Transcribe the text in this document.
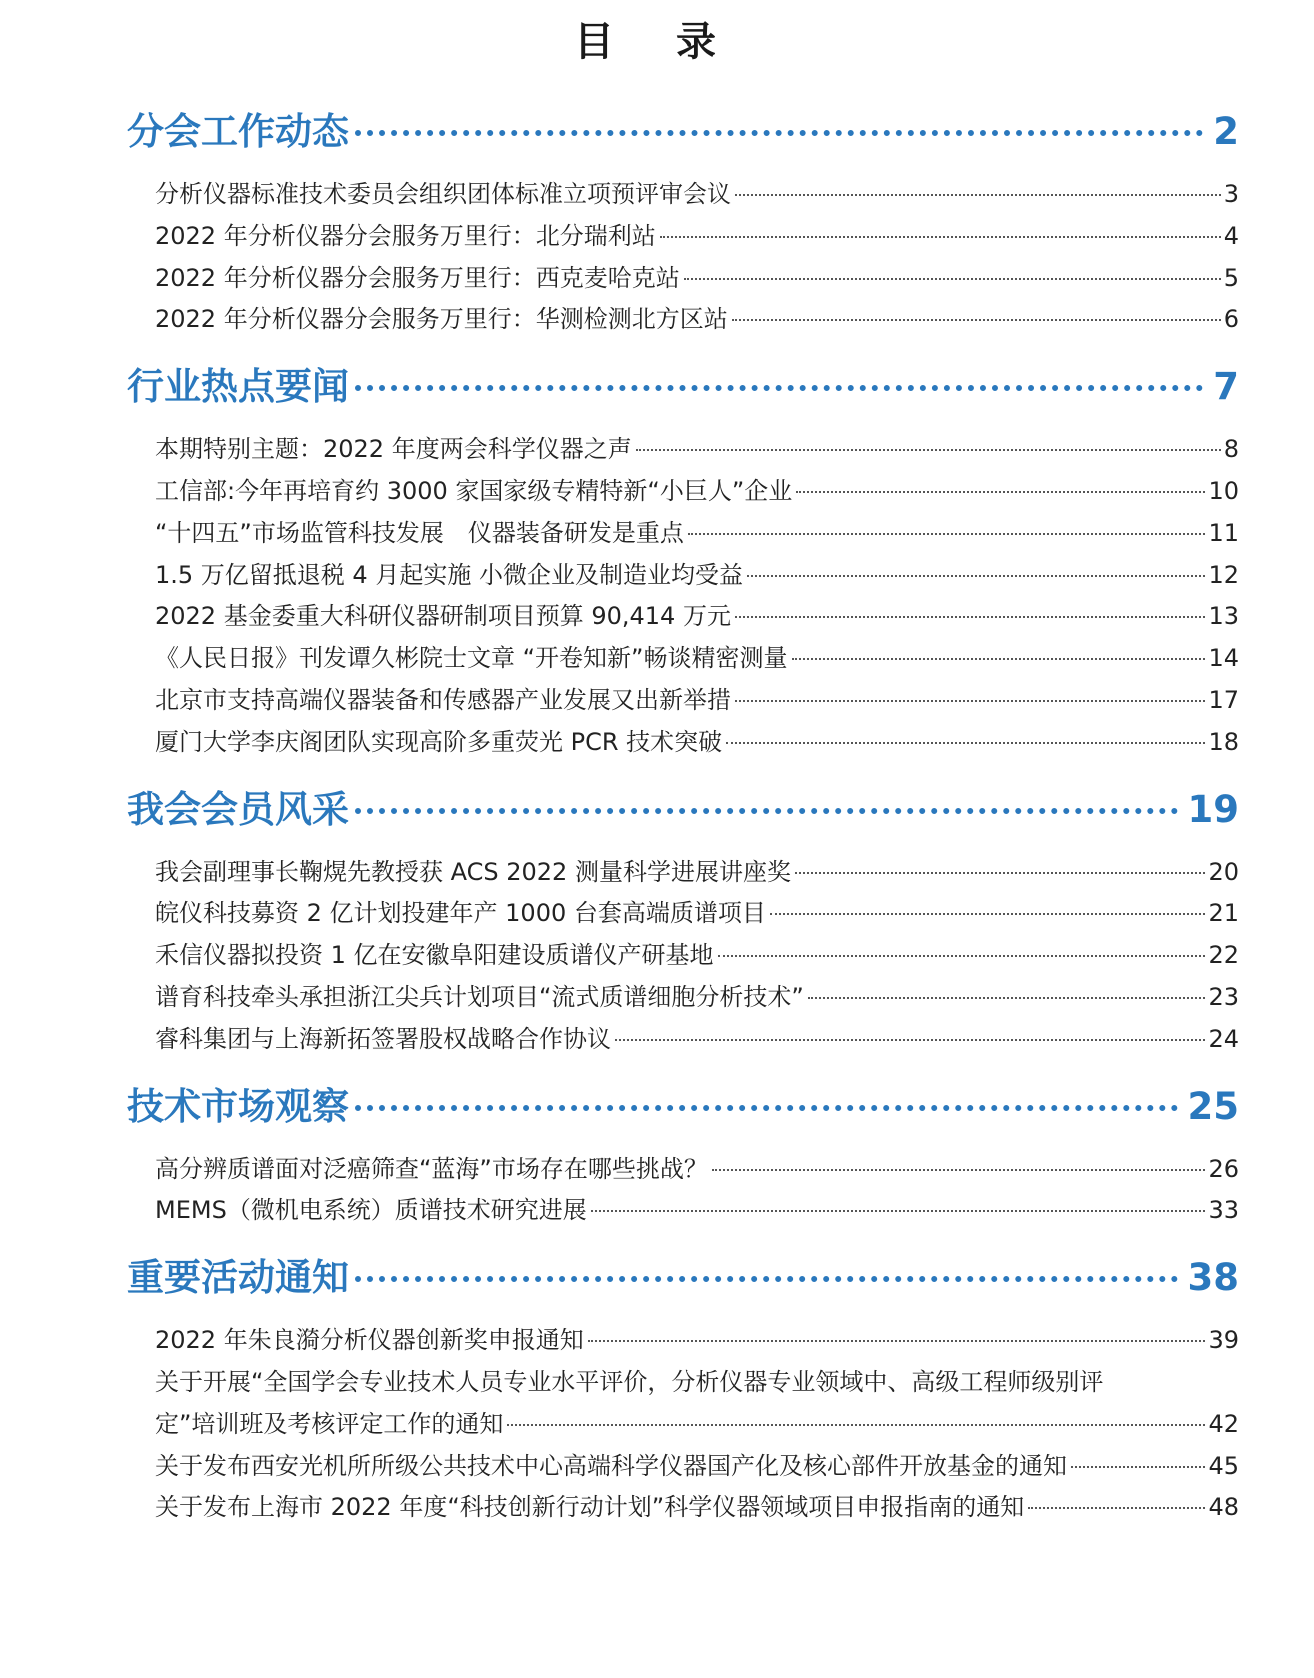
目 录
分会工作动态	2
分析仪器标准技术委员会组织团体标准立项预评审会议	3
2022 年分析仪器分会服务万里行：北分瑞利站	4
2022 年分析仪器分会服务万里行：西克麦哈克站	5
2022 年分析仪器分会服务万里行：华测检测北方区站	6
行业热点要闻	7
本期特别主题：2022 年度两会科学仪器之声	8
工信部:今年再培育约 3000 家国家级专精特新“小巨人”企业	10
“十四五”市场监管科技发展　仪器装备研发是重点	11
1.5 万亿留抵退税 4 月起实施 小微企业及制造业均受益	12
2022 基金委重大科研仪器研制项目预算 90,414 万元	13
《人民日报》刊发谭久彬院士文章 “开卷知新”畅谈精密测量	14
北京市支持高端仪器装备和传感器产业发展又出新举措	17
厦门大学李庆阁团队实现高阶多重荧光 PCR 技术突破	18
我会会员风采	19
我会副理事长鞠熀先教授获 ACS 2022 测量科学进展讲座奖	20
皖仪科技募资 2 亿计划投建年产 1000 台套高端质谱项目	21
禾信仪器拟投资 1 亿在安徽阜阳建设质谱仪产研基地	22
谱育科技牵头承担浙江尖兵计划项目“流式质谱细胞分析技术”	23
睿科集团与上海新拓签署股权战略合作协议	24
技术市场观察	25
高分辨质谱面对泛癌筛查“蓝海”市场存在哪些挑战？	26
MEMS（微机电系统）质谱技术研究进展	33
重要活动通知	38
2022 年朱良漪分析仪器创新奖申报通知	39
关于开展“全国学会专业技术人员专业水平评价，分析仪器专业领域中、高级工程师级别评
定”培训班及考核评定工作的通知	42
关于发布西安光机所所级公共技术中心高端科学仪器国产化及核心部件开放基金的通知	45
关于发布上海市 2022 年度“科技创新行动计划”科学仪器领域项目申报指南的通知	48
